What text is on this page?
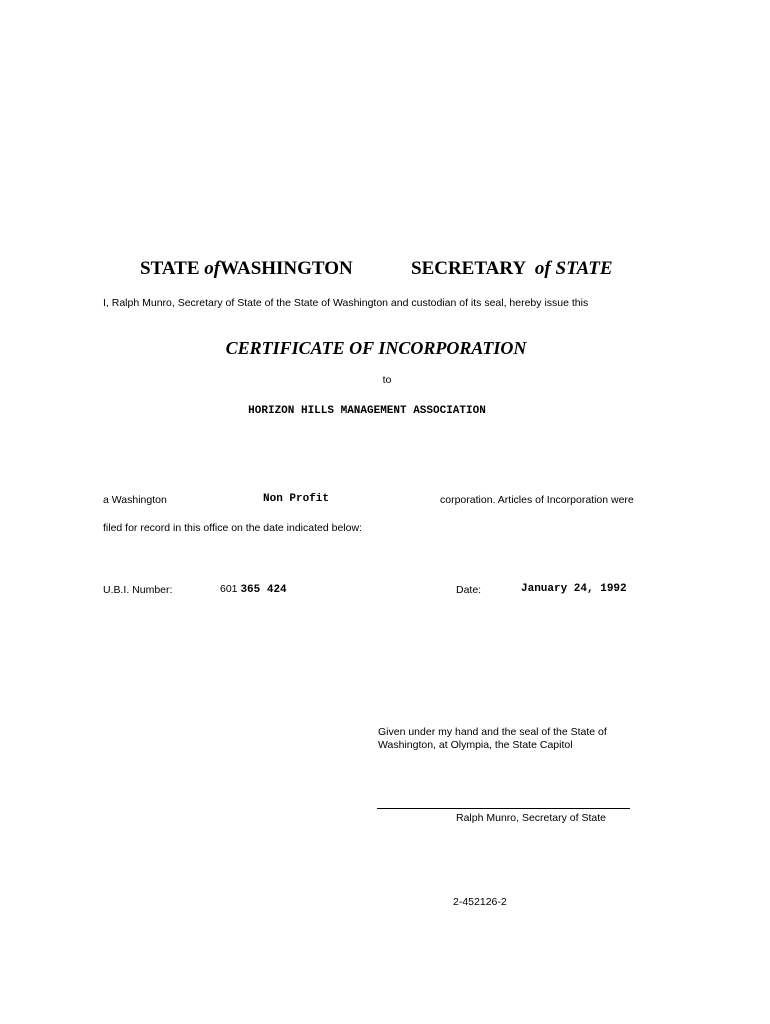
STATE ofWASHINGTON	SECRETARY of STATE
I, Ralph Munro, Secretary of State of the State of Washington and custodian of its seal, hereby issue this
CERTIFICATE OF INCORPORATION
to
HORIZON HILLS MANAGEMENT ASSOCIATION
a Washington	Non Profit	corporation. Articles of Incorporation were
filed for record in this office on the date indicated below:
U.B.I. Number:	601 365 424	Date:	January 24, 1992
Given under my hand and the seal of the State of
Washington, at Olympia, the State Capitol
Ralph Munro, Secretary of State
2-452126-2
